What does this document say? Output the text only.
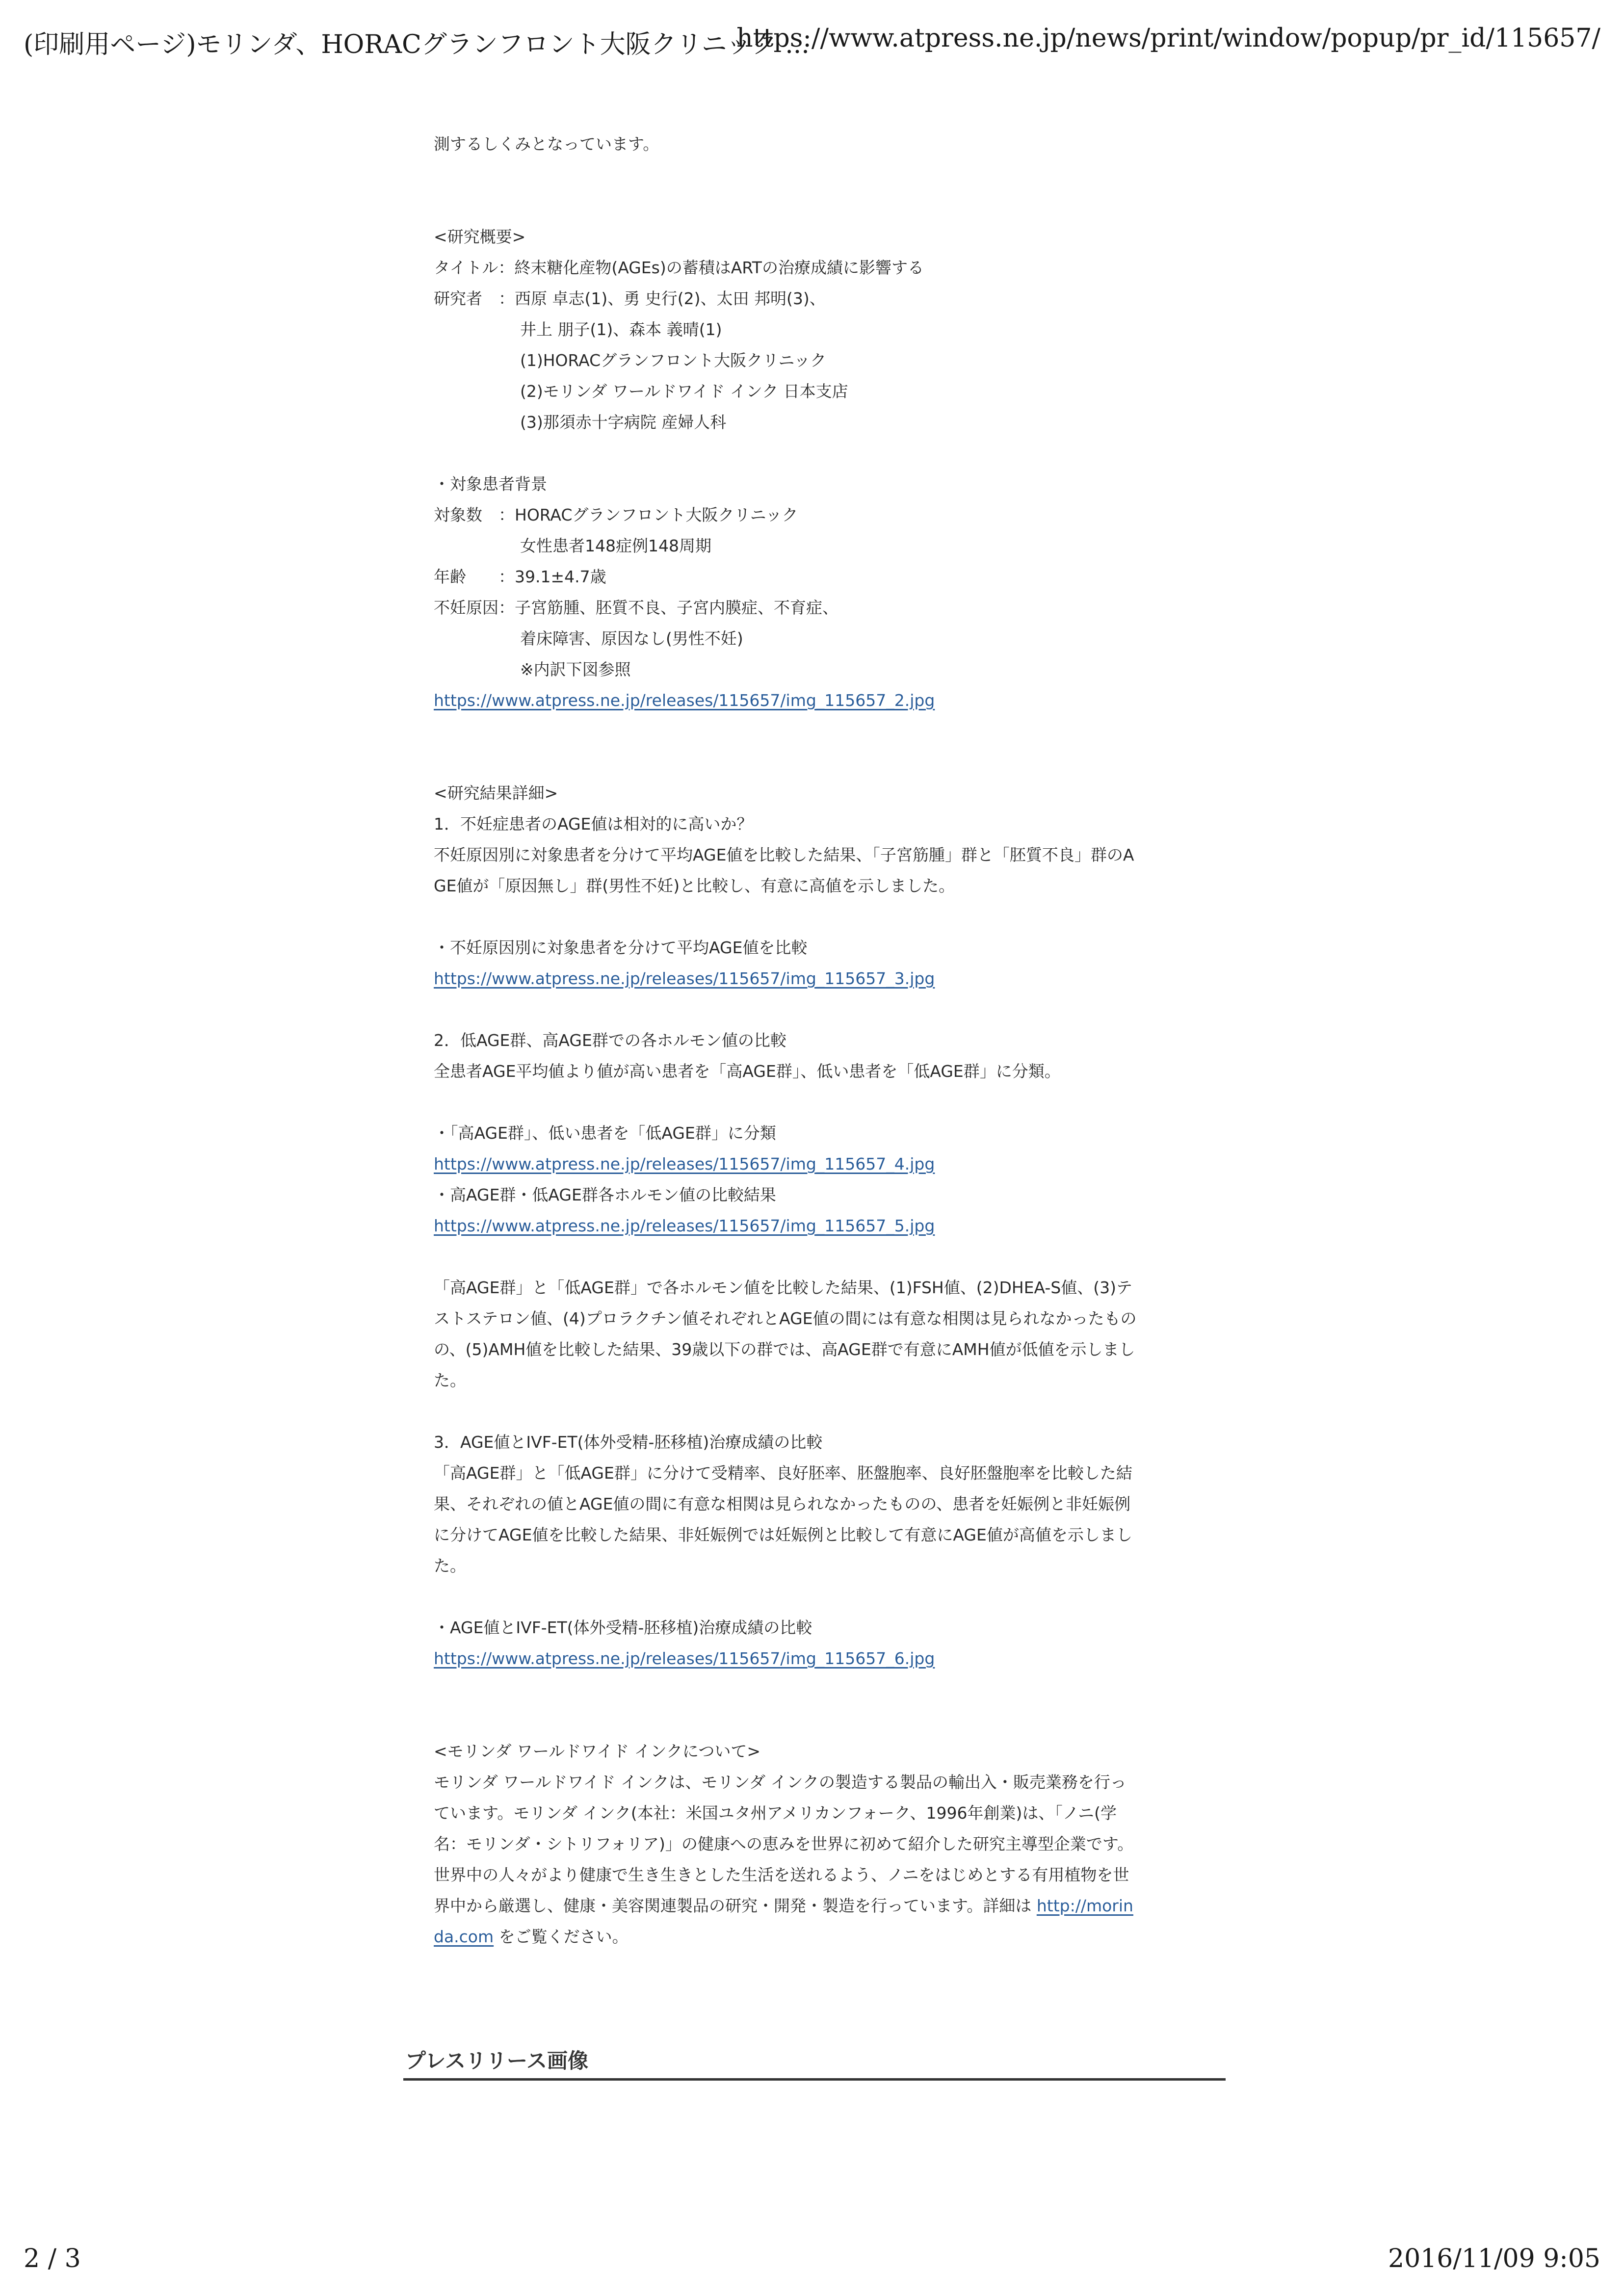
(印刷用ページ)モリンダ、HORACグランフロント大阪クリニック ...
https://www.atpress.ne.jp/news/print/window/popup/pr_id/115657/
測するしくみとなっています。
<研究概要>
タイトル：終末糖化産物(AGEs)の蓄積はARTの治療成績に影響する
研究者　：西原 卓志(1)、勇 史行(2)、太田 邦明(3)、
井上 朋子(1)、森本 義晴(1)
(1)HORACグランフロント大阪クリニック
(2)モリンダ ワールドワイド インク 日本支店
(3)那須赤十字病院 産婦人科
・対象患者背景
対象数　：HORACグランフロント大阪クリニック
女性患者148症例148周期
年齢　　：39.1±4.7歳
不妊原因：子宮筋腫、胚質不良、子宮内膜症、不育症、
着床障害、原因なし(男性不妊)
※内訳下図参照
https://www.atpress.ne.jp/releases/115657/img_115657_2.jpg
<研究結果詳細>
1．不妊症患者のAGE値は相対的に高いか？
不妊原因別に対象患者を分けて平均AGE値を比較した結果、「子宮筋腫」群と「胚質不良」群のA
GE値が「原因無し」群(男性不妊)と比較し、有意に高値を示しました。
・不妊原因別に対象患者を分けて平均AGE値を比較
https://www.atpress.ne.jp/releases/115657/img_115657_3.jpg
2．低AGE群、高AGE群での各ホルモン値の比較
全患者AGE平均値より値が高い患者を「高AGE群」、低い患者を「低AGE群」に分類。
・「高AGE群」、低い患者を「低AGE群」に分類
https://www.atpress.ne.jp/releases/115657/img_115657_4.jpg
・高AGE群・低AGE群各ホルモン値の比較結果
https://www.atpress.ne.jp/releases/115657/img_115657_5.jpg
「高AGE群」と「低AGE群」で各ホルモン値を比較した結果、(1)FSH値、(2)DHEA-S値、(3)テ
ストステロン値、(4)プロラクチン値それぞれとAGE値の間には有意な相関は見られなかったもの
の、(5)AMH値を比較した結果、39歳以下の群では、高AGE群で有意にAMH値が低値を示しまし
た。
3．AGE値とIVF-ET(体外受精-胚移植)治療成績の比較
「高AGE群」と「低AGE群」に分けて受精率、良好胚率、胚盤胞率、良好胚盤胞率を比較した結
果、それぞれの値とAGE値の間に有意な相関は見られなかったものの、患者を妊娠例と非妊娠例
に分けてAGE値を比較した結果、非妊娠例では妊娠例と比較して有意にAGE値が高値を示しまし
た。
・AGE値とIVF-ET(体外受精-胚移植)治療成績の比較
https://www.atpress.ne.jp/releases/115657/img_115657_6.jpg
<モリンダ ワールドワイド インクについて>
モリンダ ワールドワイド インクは、モリンダ インクの製造する製品の輸出入・販売業務を行っ
ています。モリンダ インク(本社：米国ユタ州アメリカンフォーク、1996年創業)は、「ノニ(学
名：モリンダ・シトリフォリア)」の健康への恵みを世界に初めて紹介した研究主導型企業です。
世界中の人々がより健康で生き生きとした生活を送れるよう、ノニをはじめとする有用植物を世
界中から厳選し、健康・美容関連製品の研究・開発・製造を行っています。詳細は http://morin
da.com をご覧ください。
プレスリリース画像
2 / 3	2016/11/09 9:05
